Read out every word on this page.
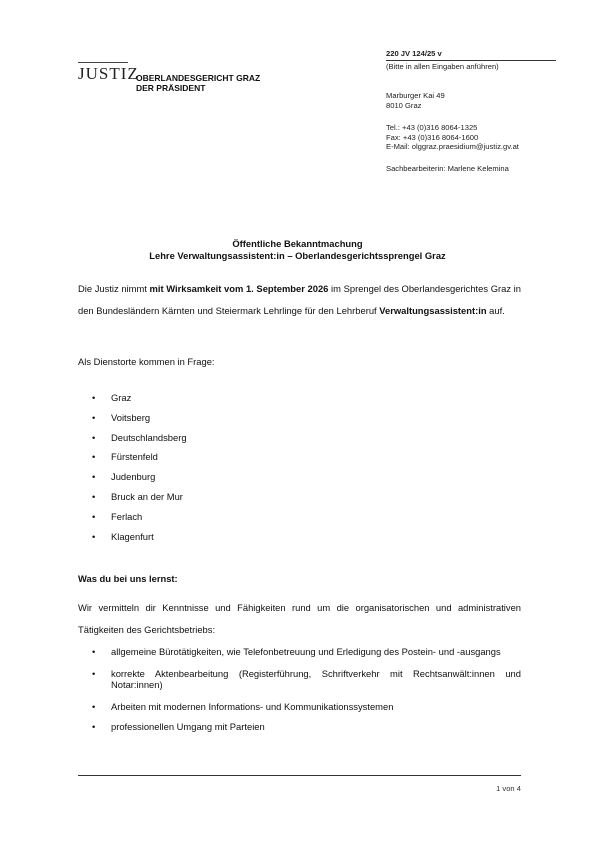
JUSTIZ
OBERLANDESGERICHT GRAZ
DER PRÄSIDENT
220 JV 124/25 v
(Bitte in allen Eingaben anführen)
Marburger Kai 49
8010 Graz
Tel.: +43 (0)316 8064-1325
Fax: +43 (0)316 8064-1600
E-Mail: olggraz.praesidium@justiz.gv.at
Sachbearbeiterin: Marlene Kelemina
Öffentliche Bekanntmachung
Lehre Verwaltungsassistent:in – Oberlandesgerichtssprengel Graz
Die Justiz nimmt mit Wirksamkeit vom 1. September 2026 im Sprengel des Oberlandesgerichtes Graz in den Bundesländern Kärnten und Steiermark Lehrlinge für den Lehrberuf Verwaltungsassistent:in auf.
Als Dienstorte kommen in Frage:
• Graz
• Voitsberg
• Deutschlandsberg
• Fürstenfeld
• Judenburg
• Bruck an der Mur
• Ferlach
• Klagenfurt
Was du bei uns lernst:
Wir vermitteln dir Kenntnisse und Fähigkeiten rund um die organisatorischen und administrativen Tätigkeiten des Gerichtsbetriebs:
• allgemeine Bürotätigkeiten, wie Telefonbetreuung und Erledigung des Postein- und -ausgangs
• korrekte Aktenbearbeitung (Registerführung, Schriftverkehr mit Rechtsanwält:innen und Notar:innen)
• Arbeiten mit modernen Informations- und Kommunikationssystemen
• professionellen Umgang mit Parteien
1 von 4
